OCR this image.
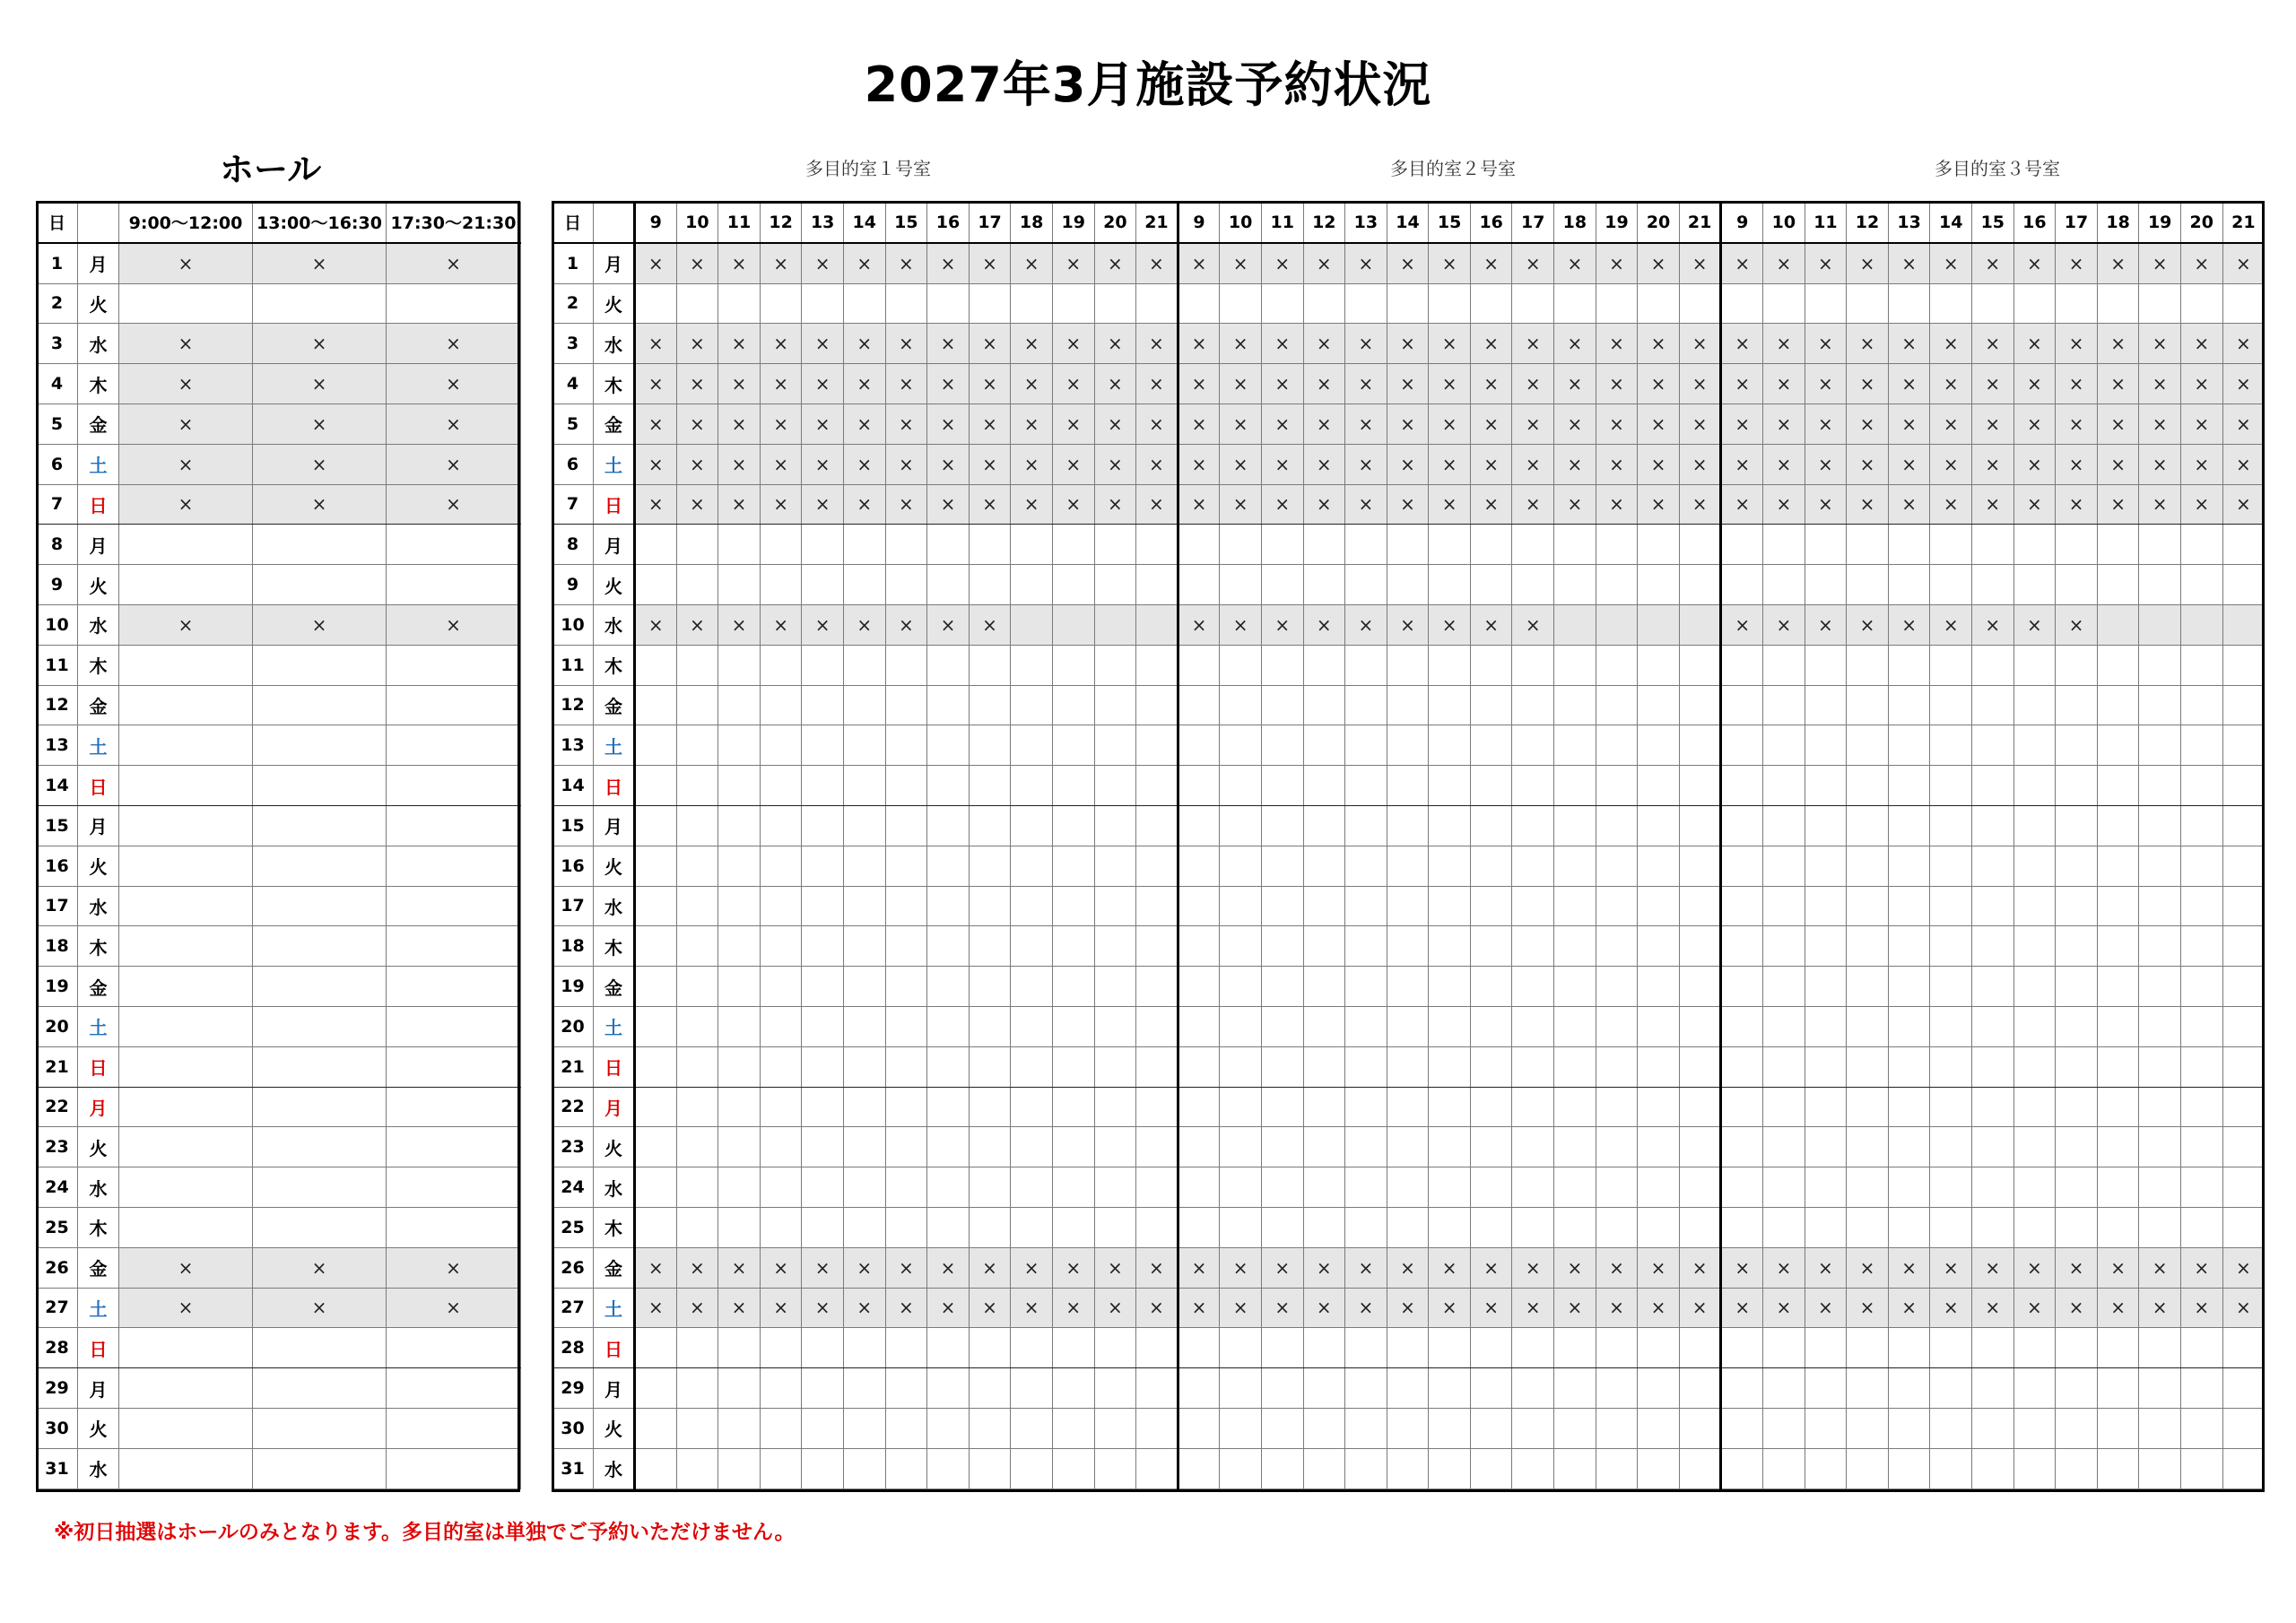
2027年3月施設予約状況
ホール	多目的室１号室	多目的室２号室	多目的室３号室
日		9:00～12:00	13:00～16:30	17:30～21:30
1	月	×	×	×
2	火			
3	水	×	×	×
4	木	×	×	×
5	金	×	×	×
6	土	×	×	×
7	日	×	×	×
8	月			
9	火			
10	水	×	×	×
11	木			
12	金			
13	土			
14	日			
15	月			
16	火			
17	水			
18	木			
19	金			
20	土			
21	日			
22	月			
23	火			
24	水			
25	木			
26	金	×	×	×
27	土	×	×	×
28	日			
29	月			
30	火			
31	水			
日		9	10	11	12	13	14	15	16	17	18	19	20	21	9	10	11	12	13	14	15	16	17	18	19	20	21	9	10	11	12	13	14	15	16	17	18	19	20	21
1	月	×	×	×	×	×	×	×	×	×	×	×	×	×	×	×	×	×	×	×	×	×	×	×	×	×	×	×	×	×	×	×	×	×	×	×	×	×	×	×
2	火																																							
3	水	×	×	×	×	×	×	×	×	×	×	×	×	×	×	×	×	×	×	×	×	×	×	×	×	×	×	×	×	×	×	×	×	×	×	×	×	×	×	×
4	木	×	×	×	×	×	×	×	×	×	×	×	×	×	×	×	×	×	×	×	×	×	×	×	×	×	×	×	×	×	×	×	×	×	×	×	×	×	×	×
5	金	×	×	×	×	×	×	×	×	×	×	×	×	×	×	×	×	×	×	×	×	×	×	×	×	×	×	×	×	×	×	×	×	×	×	×	×	×	×	×
6	土	×	×	×	×	×	×	×	×	×	×	×	×	×	×	×	×	×	×	×	×	×	×	×	×	×	×	×	×	×	×	×	×	×	×	×	×	×	×	×
7	日	×	×	×	×	×	×	×	×	×	×	×	×	×	×	×	×	×	×	×	×	×	×	×	×	×	×	×	×	×	×	×	×	×	×	×	×	×	×	×
8	月																																							
9	火																																							
10	水	×	×	×	×	×	×	×	×	×					×	×	×	×	×	×	×	×	×					×	×	×	×	×	×	×	×	×				
11	木																																							
12	金																																							
13	土																																							
14	日																																							
15	月																																							
16	火																																							
17	水																																							
18	木																																							
19	金																																							
20	土																																							
21	日																																							
22	月																																							
23	火																																							
24	水																																							
25	木																																							
26	金	×	×	×	×	×	×	×	×	×	×	×	×	×	×	×	×	×	×	×	×	×	×	×	×	×	×	×	×	×	×	×	×	×	×	×	×	×	×	×
27	土	×	×	×	×	×	×	×	×	×	×	×	×	×	×	×	×	×	×	×	×	×	×	×	×	×	×	×	×	×	×	×	×	×	×	×	×	×	×	×
28	日																																							
29	月																																							
30	火																																							
31	水																																							
※初日抽選はホールのみとなります。多目的室は単独でご予約いただけません。
